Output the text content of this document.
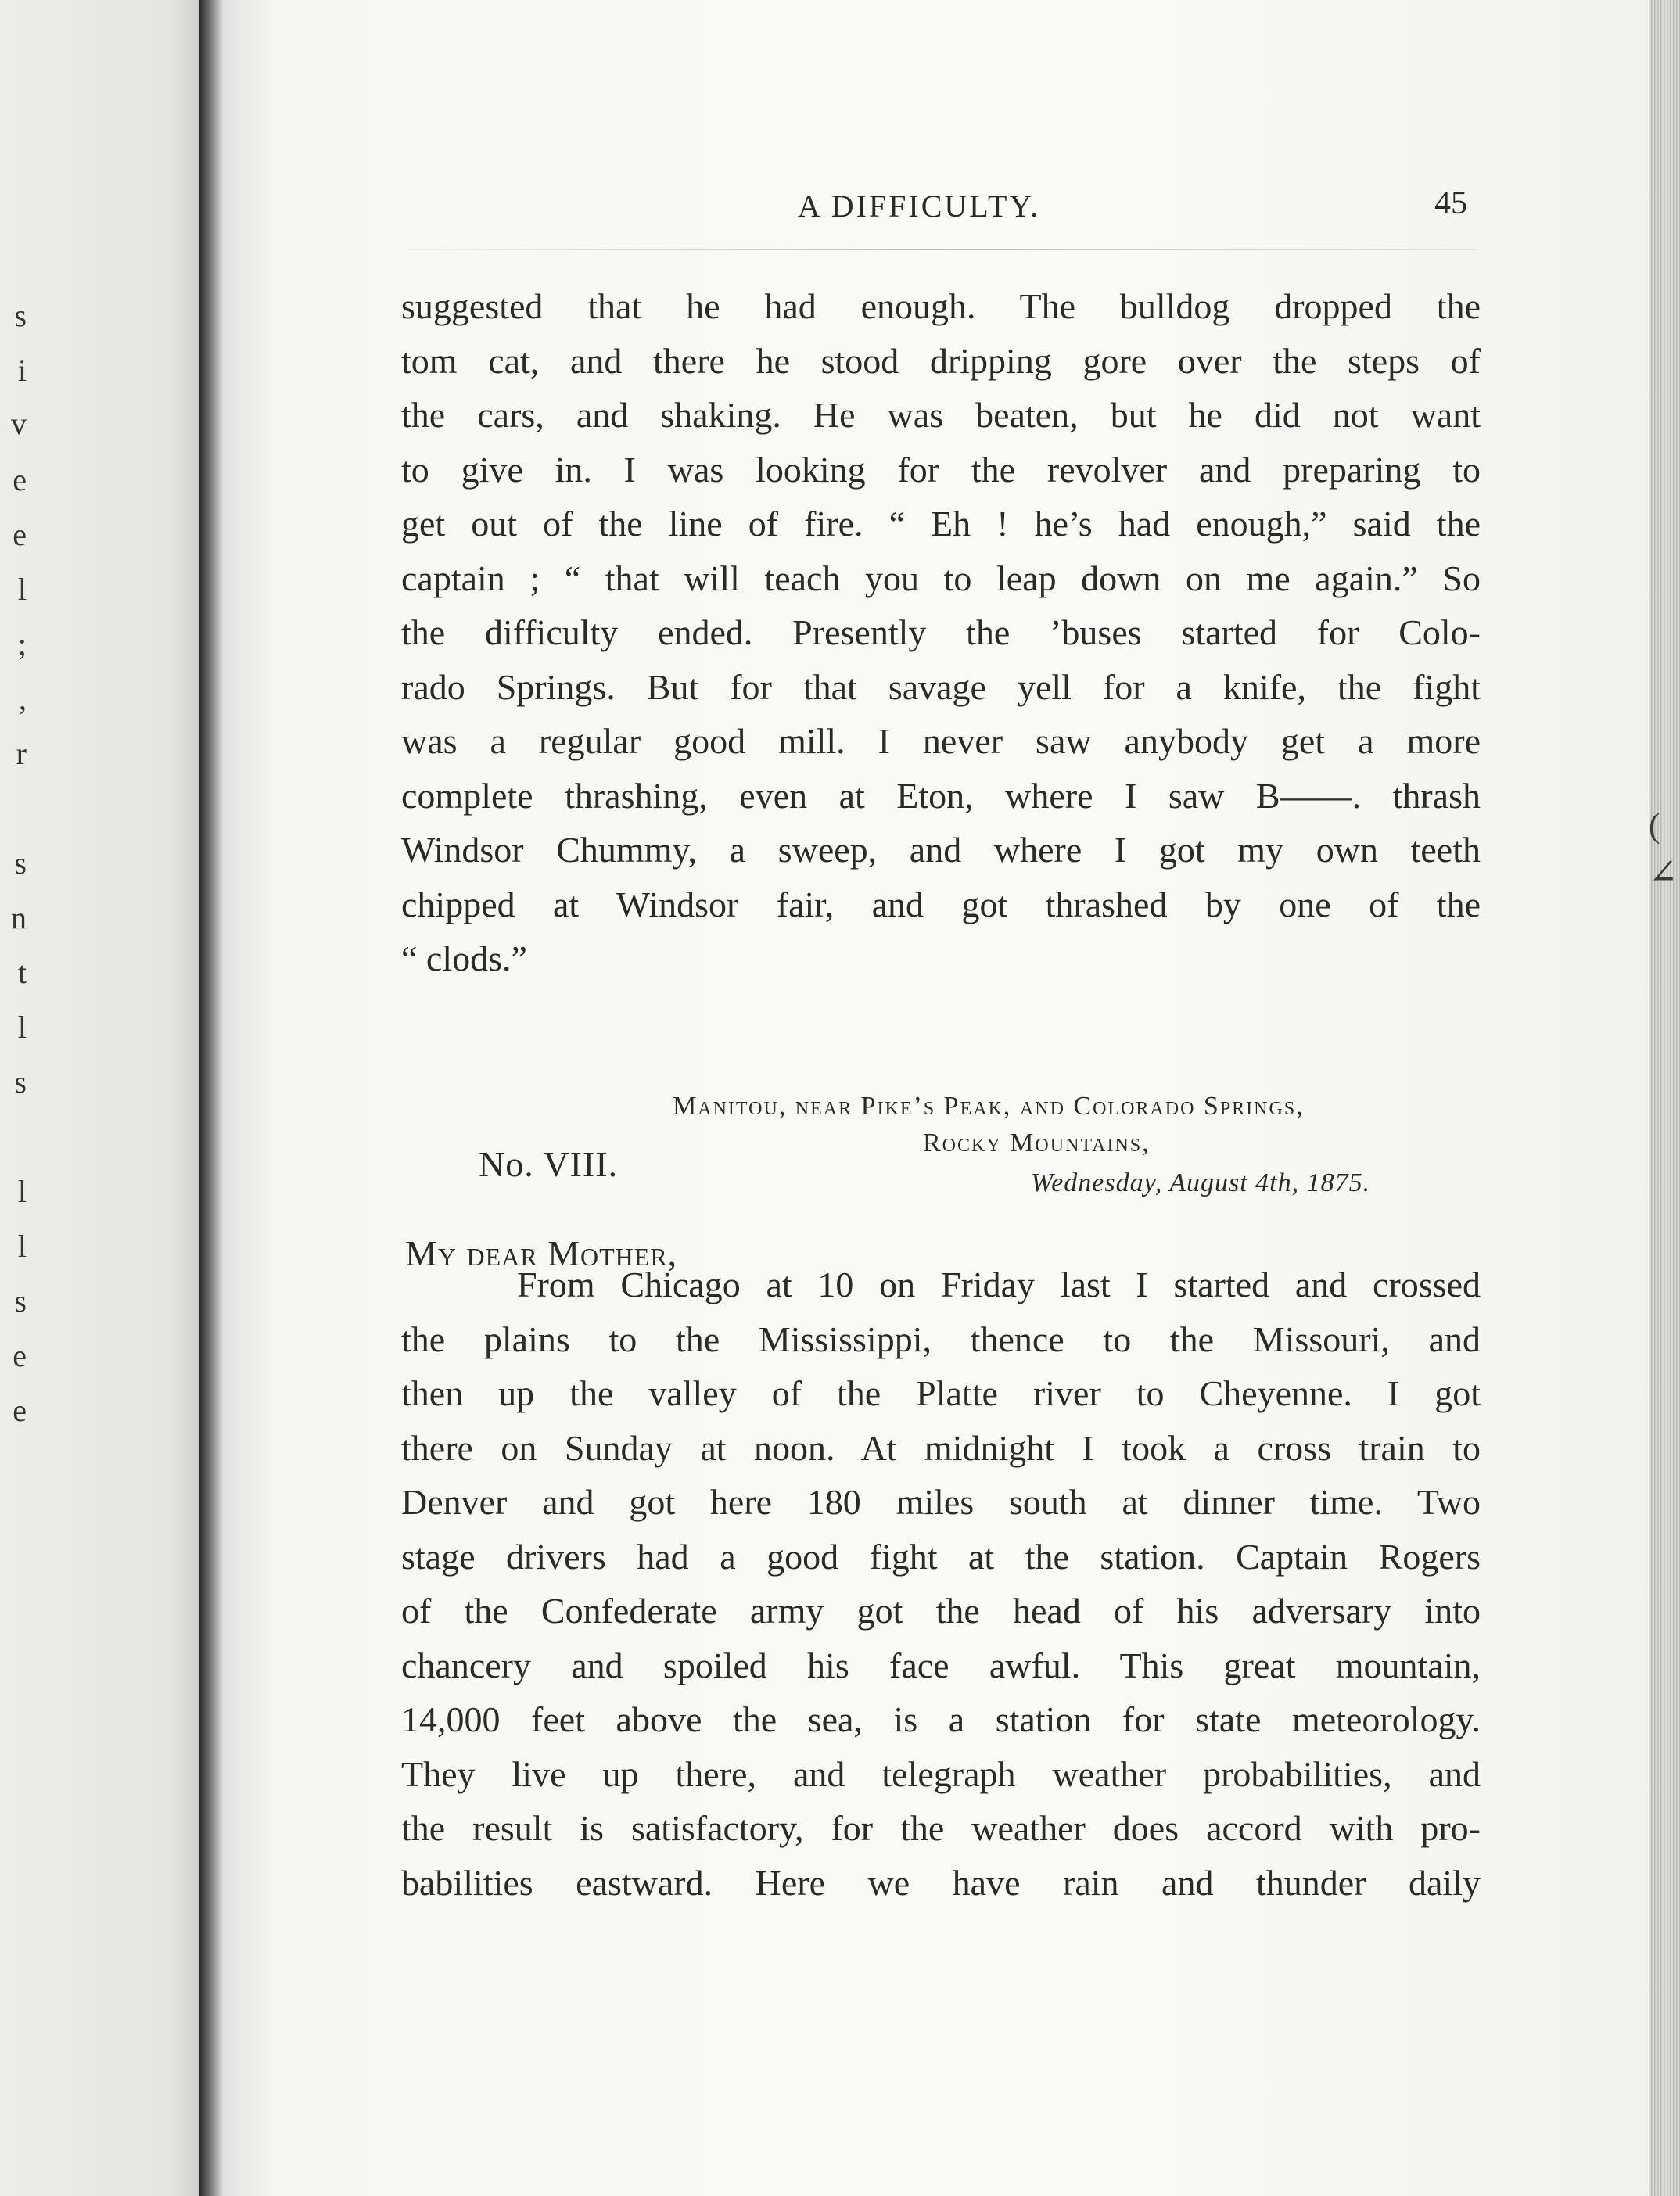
s
i
v
e
e
l
;
,
r
s
n
t
l
s
l
l
s
e
e
A DIFFICULTY.	45
suggested that he had enough. The bulldog dropped the
tom cat, and there he stood dripping gore over the steps of
the cars, and shaking. He was beaten, but he did not want
to give in. I was looking for the revolver and preparing to
get out of the line of fire. “ Eh ! he’s had enough,” said the
captain ; “ that will teach you to leap down on me again.” So
the difficulty ended. Presently the ’buses started for Colo-
rado Springs. But for that savage yell for a knife, the fight
was a regular good mill. I never saw anybody get a more
complete thrashing, even at Eton, where I saw B——. thrash
Windsor Chummy, a sweep, and where I got my own teeth
chipped at Windsor fair, and got thrashed by one of the
“ clods.”
Manitou, near Pike’s Peak, and Colorado Springs,
Rocky Mountains,
Wednesday, August 4th, 1875.
No. VIII.
My dear Mother,
From Chicago at 10 on Friday last I started and crossed
the plains to the Mississippi, thence to the Missouri, and
then up the valley of the Platte river to Cheyenne. I got
there on Sunday at noon. At midnight I took a cross train to
Denver and got here 180 miles south at dinner time. Two
stage drivers had a good fight at the station. Captain Rogers
of the Confederate army got the head of his adversary into
chancery and spoiled his face awful. This great mountain,
14,000 feet above the sea, is a station for state meteorology.
They live up there, and telegraph weather probabilities, and
the result is satisfactory, for the weather does accord with pro-
babilities eastward. Here we have rain and thunder daily
(
∠
